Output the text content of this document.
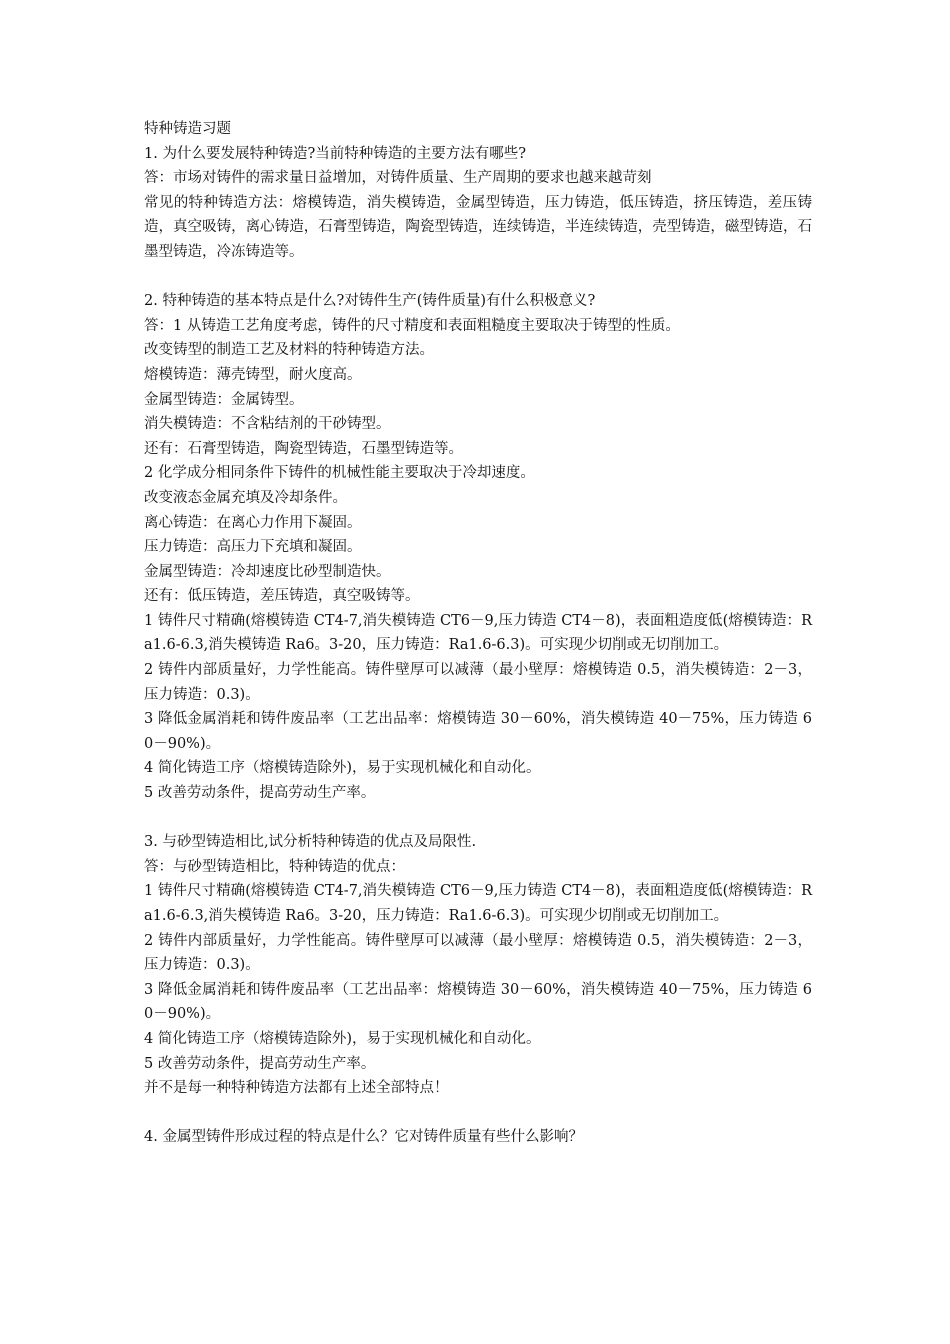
特种铸造习题
1. 为什么要发展特种铸造?当前特种铸造的主要方法有哪些?
答：市场对铸件的需求量日益增加，对铸件质量、生产周期的要求也越来越苛刻
常见的特种铸造方法：熔模铸造，消失模铸造，金属型铸造，压力铸造，低压铸造，挤压铸造，差压铸造，真空吸铸，离心铸造，石膏型铸造，陶瓷型铸造，连续铸造，半连续铸造，壳型铸造，磁型铸造，石墨型铸造，冷冻铸造等。
2. 特种铸造的基本特点是什么?对铸件生产(铸件质量)有什么积极意义?
答：1 从铸造工艺角度考虑，铸件的尺寸精度和表面粗糙度主要取决于铸型的性质。
改变铸型的制造工艺及材料的特种铸造方法。
熔模铸造：薄壳铸型，耐火度高。
金属型铸造：金属铸型。
消失模铸造：不含粘结剂的干砂铸型。
还有：石膏型铸造，陶瓷型铸造，石墨型铸造等。
2 化学成分相同条件下铸件的机械性能主要取决于冷却速度。
改变液态金属充填及冷却条件。
离心铸造：在离心力作用下凝固。
压力铸造：高压力下充填和凝固。
金属型铸造：冷却速度比砂型制造快。
还有：低压铸造，差压铸造，真空吸铸等。
1 铸件尺寸精确(熔模铸造 CT4-7,消失模铸造 CT6－9,压力铸造 CT4－8)，表面粗造度低(熔模铸造：Ra1.6-6.3,消失模铸造 Ra6。3-20，压力铸造：Ra1.6-6.3)。可实现少切削或无切削加工。
2 铸件内部质量好，力学性能高。铸件壁厚可以减薄（最小壁厚：熔模铸造 0.5，消失模铸造：2－3，压力铸造：0.3)。
3 降低金属消耗和铸件废品率（工艺出品率：熔模铸造 30－60%，消失模铸造 40－75%，压力铸造 60－90%)。
4 简化铸造工序（熔模铸造除外)，易于实现机械化和自动化。
5 改善劳动条件，提高劳动生产率。
3. 与砂型铸造相比,试分析特种铸造的优点及局限性.
答：与砂型铸造相比，特种铸造的优点：
1 铸件尺寸精确(熔模铸造 CT4-7,消失模铸造 CT6－9,压力铸造 CT4－8)，表面粗造度低(熔模铸造：Ra1.6-6.3,消失模铸造 Ra6。3-20，压力铸造：Ra1.6-6.3)。可实现少切削或无切削加工。
2 铸件内部质量好，力学性能高。铸件壁厚可以减薄（最小壁厚：熔模铸造 0.5，消失模铸造：2－3，压力铸造：0.3)。
3 降低金属消耗和铸件废品率（工艺出品率：熔模铸造 30－60%，消失模铸造 40－75%，压力铸造 60－90%)。
4 简化铸造工序（熔模铸造除外)，易于实现机械化和自动化。
5 改善劳动条件，提高劳动生产率。
并不是每一种特种铸造方法都有上述全部特点！
4. 金属型铸件形成过程的特点是什么？它对铸件质量有些什么影响？
